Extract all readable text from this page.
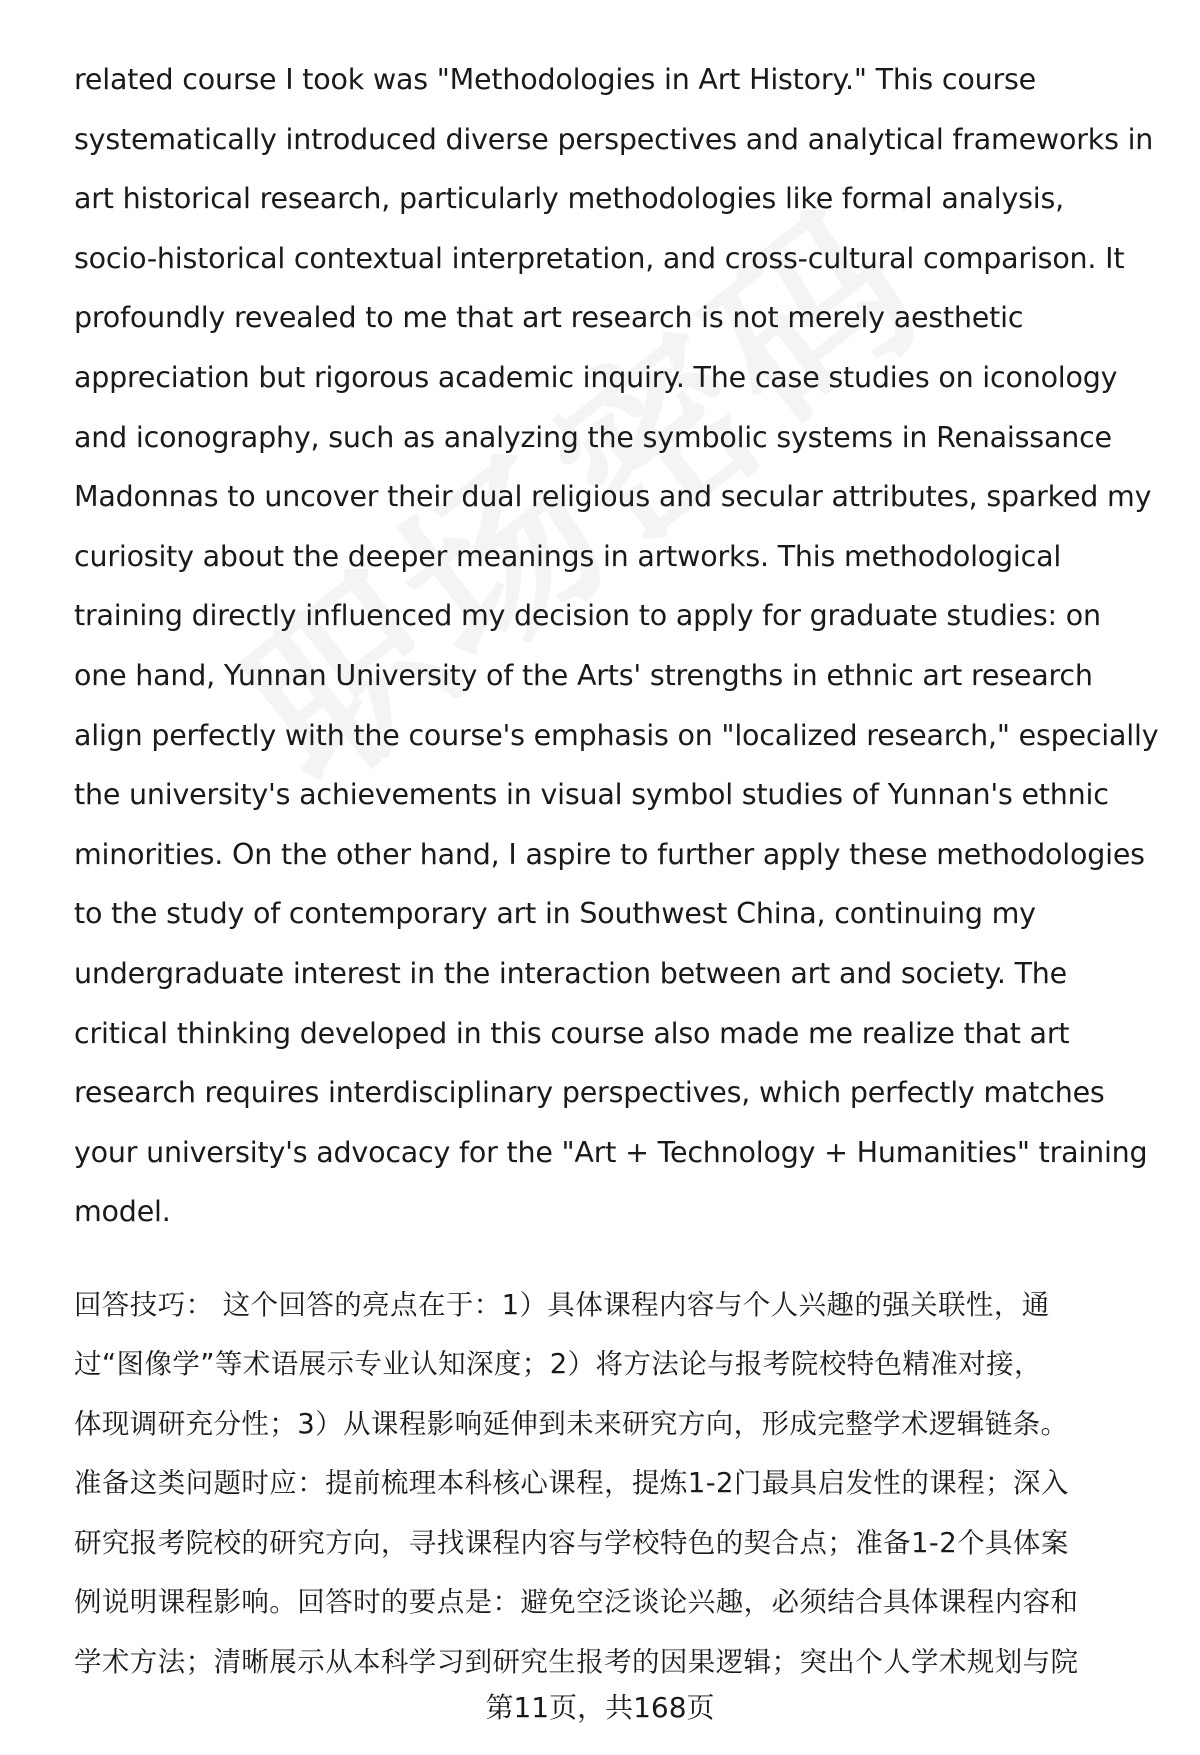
related course I took was "Methodologies in Art History." This course
systematically introduced diverse perspectives and analytical frameworks in
art historical research, particularly methodologies like formal analysis,
socio-historical contextual interpretation, and cross-cultural comparison. It
profoundly revealed to me that art research is not merely aesthetic
appreciation but rigorous academic inquiry. The case studies on iconology
and iconography, such as analyzing the symbolic systems in Renaissance
Madonnas to uncover their dual religious and secular attributes, sparked my
curiosity about the deeper meanings in artworks. This methodological
training directly influenced my decision to apply for graduate studies: on
one hand, Yunnan University of the Arts' strengths in ethnic art research
align perfectly with the course's emphasis on "localized research," especially
the university's achievements in visual symbol studies of Yunnan's ethnic
minorities. On the other hand, I aspire to further apply these methodologies
to the study of contemporary art in Southwest China, continuing my
undergraduate interest in the interaction between art and society. The
critical thinking developed in this course also made me realize that art
research requires interdisciplinary perspectives, which perfectly matches
your university's advocacy for the "Art + Technology + Humanities" training
model.

回答技巧： 这个回答的亮点在于：1）具体课程内容与个人兴趣的强关联性，通
过“图像学”等术语展示专业认知深度；2）将方法论与报考院校特色精准对接，
体现调研充分性；3）从课程影响延伸到未来研究方向，形成完整学术逻辑链条。
准备这类问题时应：提前梳理本科核心课程，提炼1-2门最具启发性的课程；深入
研究报考院校的研究方向，寻找课程内容与学校特色的契合点；准备1-2个具体案
例说明课程影响。回答时的要点是：避免空泛谈论兴趣，必须结合具体课程内容和
学术方法；清晰展示从本科学习到研究生报考的因果逻辑；突出个人学术规划与院

第11页，共168页
